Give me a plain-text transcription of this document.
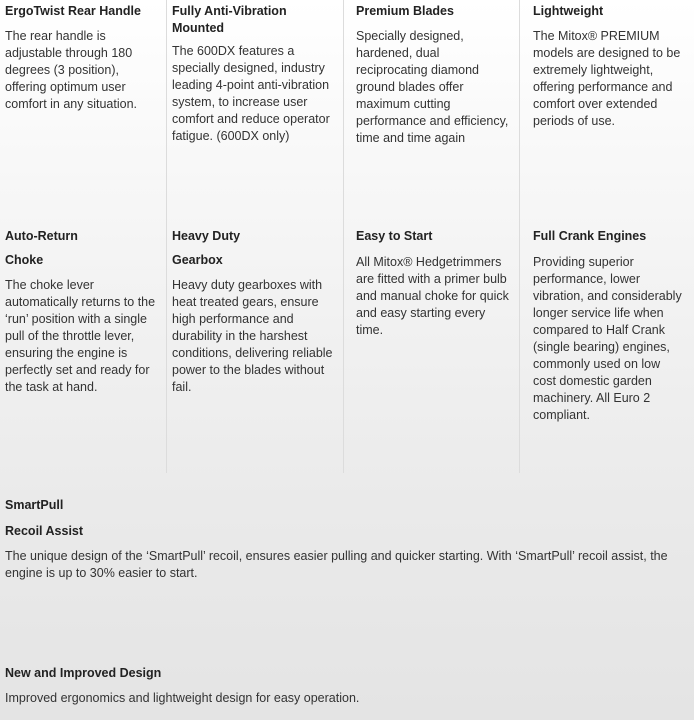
ErgoTwist Rear Handle

The rear handle is adjustable through 180 degrees (3 position), offering optimum user comfort in any situation.

Fully Anti-Vibration Mounted

The 600DX features a specially designed, industry leading 4-point anti-vibration system, to increase user comfort and reduce operator fatigue. (600DX only)

Premium Blades

Specially designed, hardened, dual reciprocating diamond ground blades offer maximum cutting performance and efficiency, time and time again

Lightweight

The Mitox® PREMIUM models are designed to be extremely lightweight, offering performance and comfort over extended periods of use.

Auto-Return
Choke

The choke lever automatically returns to the ‘run’ position with a single pull of the throttle lever, ensuring the engine is perfectly set and ready for the task at hand.

Heavy Duty
Gearbox

Heavy duty gearboxes with heat treated gears, ensure high performance and durability in the harshest conditions, delivering reliable power to the blades without fail.

Easy to Start

All Mitox® Hedgetrimmers are fitted with a primer bulb and manual choke for quick and easy starting every time.

Full Crank Engines

Providing superior performance, lower vibration, and considerably longer service life when compared to Half Crank (single bearing) engines, commonly used on low cost domestic garden machinery. All Euro 2 compliant.

SmartPull
Recoil Assist

The unique design of the ‘SmartPull’ recoil, ensures easier pulling and quicker starting. With ‘SmartPull’ recoil assist, the engine is up to 30% easier to start.

New and Improved Design

Improved ergonomics and lightweight design for easy operation.
